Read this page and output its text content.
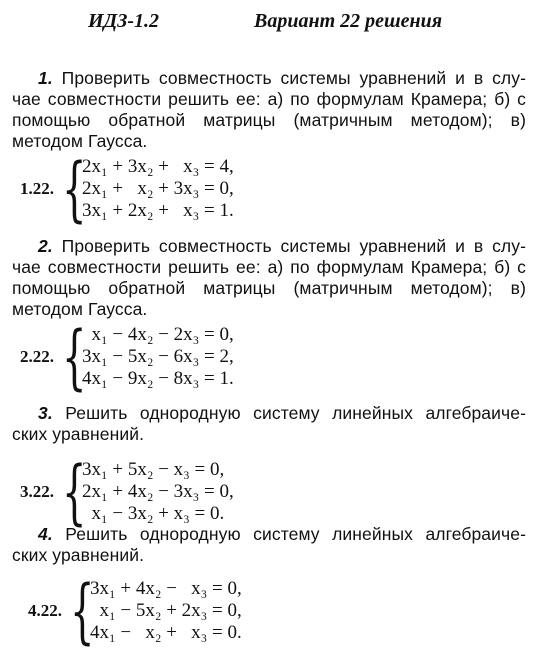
ИДЗ-1.2	Вариант 22 решения

1. Проверить совместность системы уравнений и в слу- чае совместности решить ее: а) по формулам Крамера; б) с помощью обратной матрицы (матричным методом); в) методом Гаусса.

1.22. {
2x₁ + 3x₂ +   x₃ = 4,
2x₁ +   x₂ + 3x₃ = 0,
3x₁ + 2x₂ +   x₃ = 1.

2. Проверить совместность системы уравнений и в слу- чае совместности решить ее: а) по формулам Крамера; б) с помощью обратной матрицы (матричным методом); в) методом Гаусса.

2.22. {
x₁ − 4x₂ − 2x₃ = 0,
3x₁ − 5x₂ − 6x₃ = 2,
4x₁ − 9x₂ − 8x₃ = 1.

3. Решить однородную систему линейных алгебраиче- ских уравнений.

3.22. {
3x₁ + 5x₂ − x₃ = 0,
2x₁ + 4x₂ − 3x₃ = 0,
x₁ − 3x₂ + x₃ = 0.

4. Решить однородную систему линейных алгебраиче- ских уравнений.

4.22. {
3x₁ + 4x₂ −   x₃ = 0,
x₁ − 5x₂ + 2x₃ = 0,
4x₁ −   x₂ +   x₃ = 0.
